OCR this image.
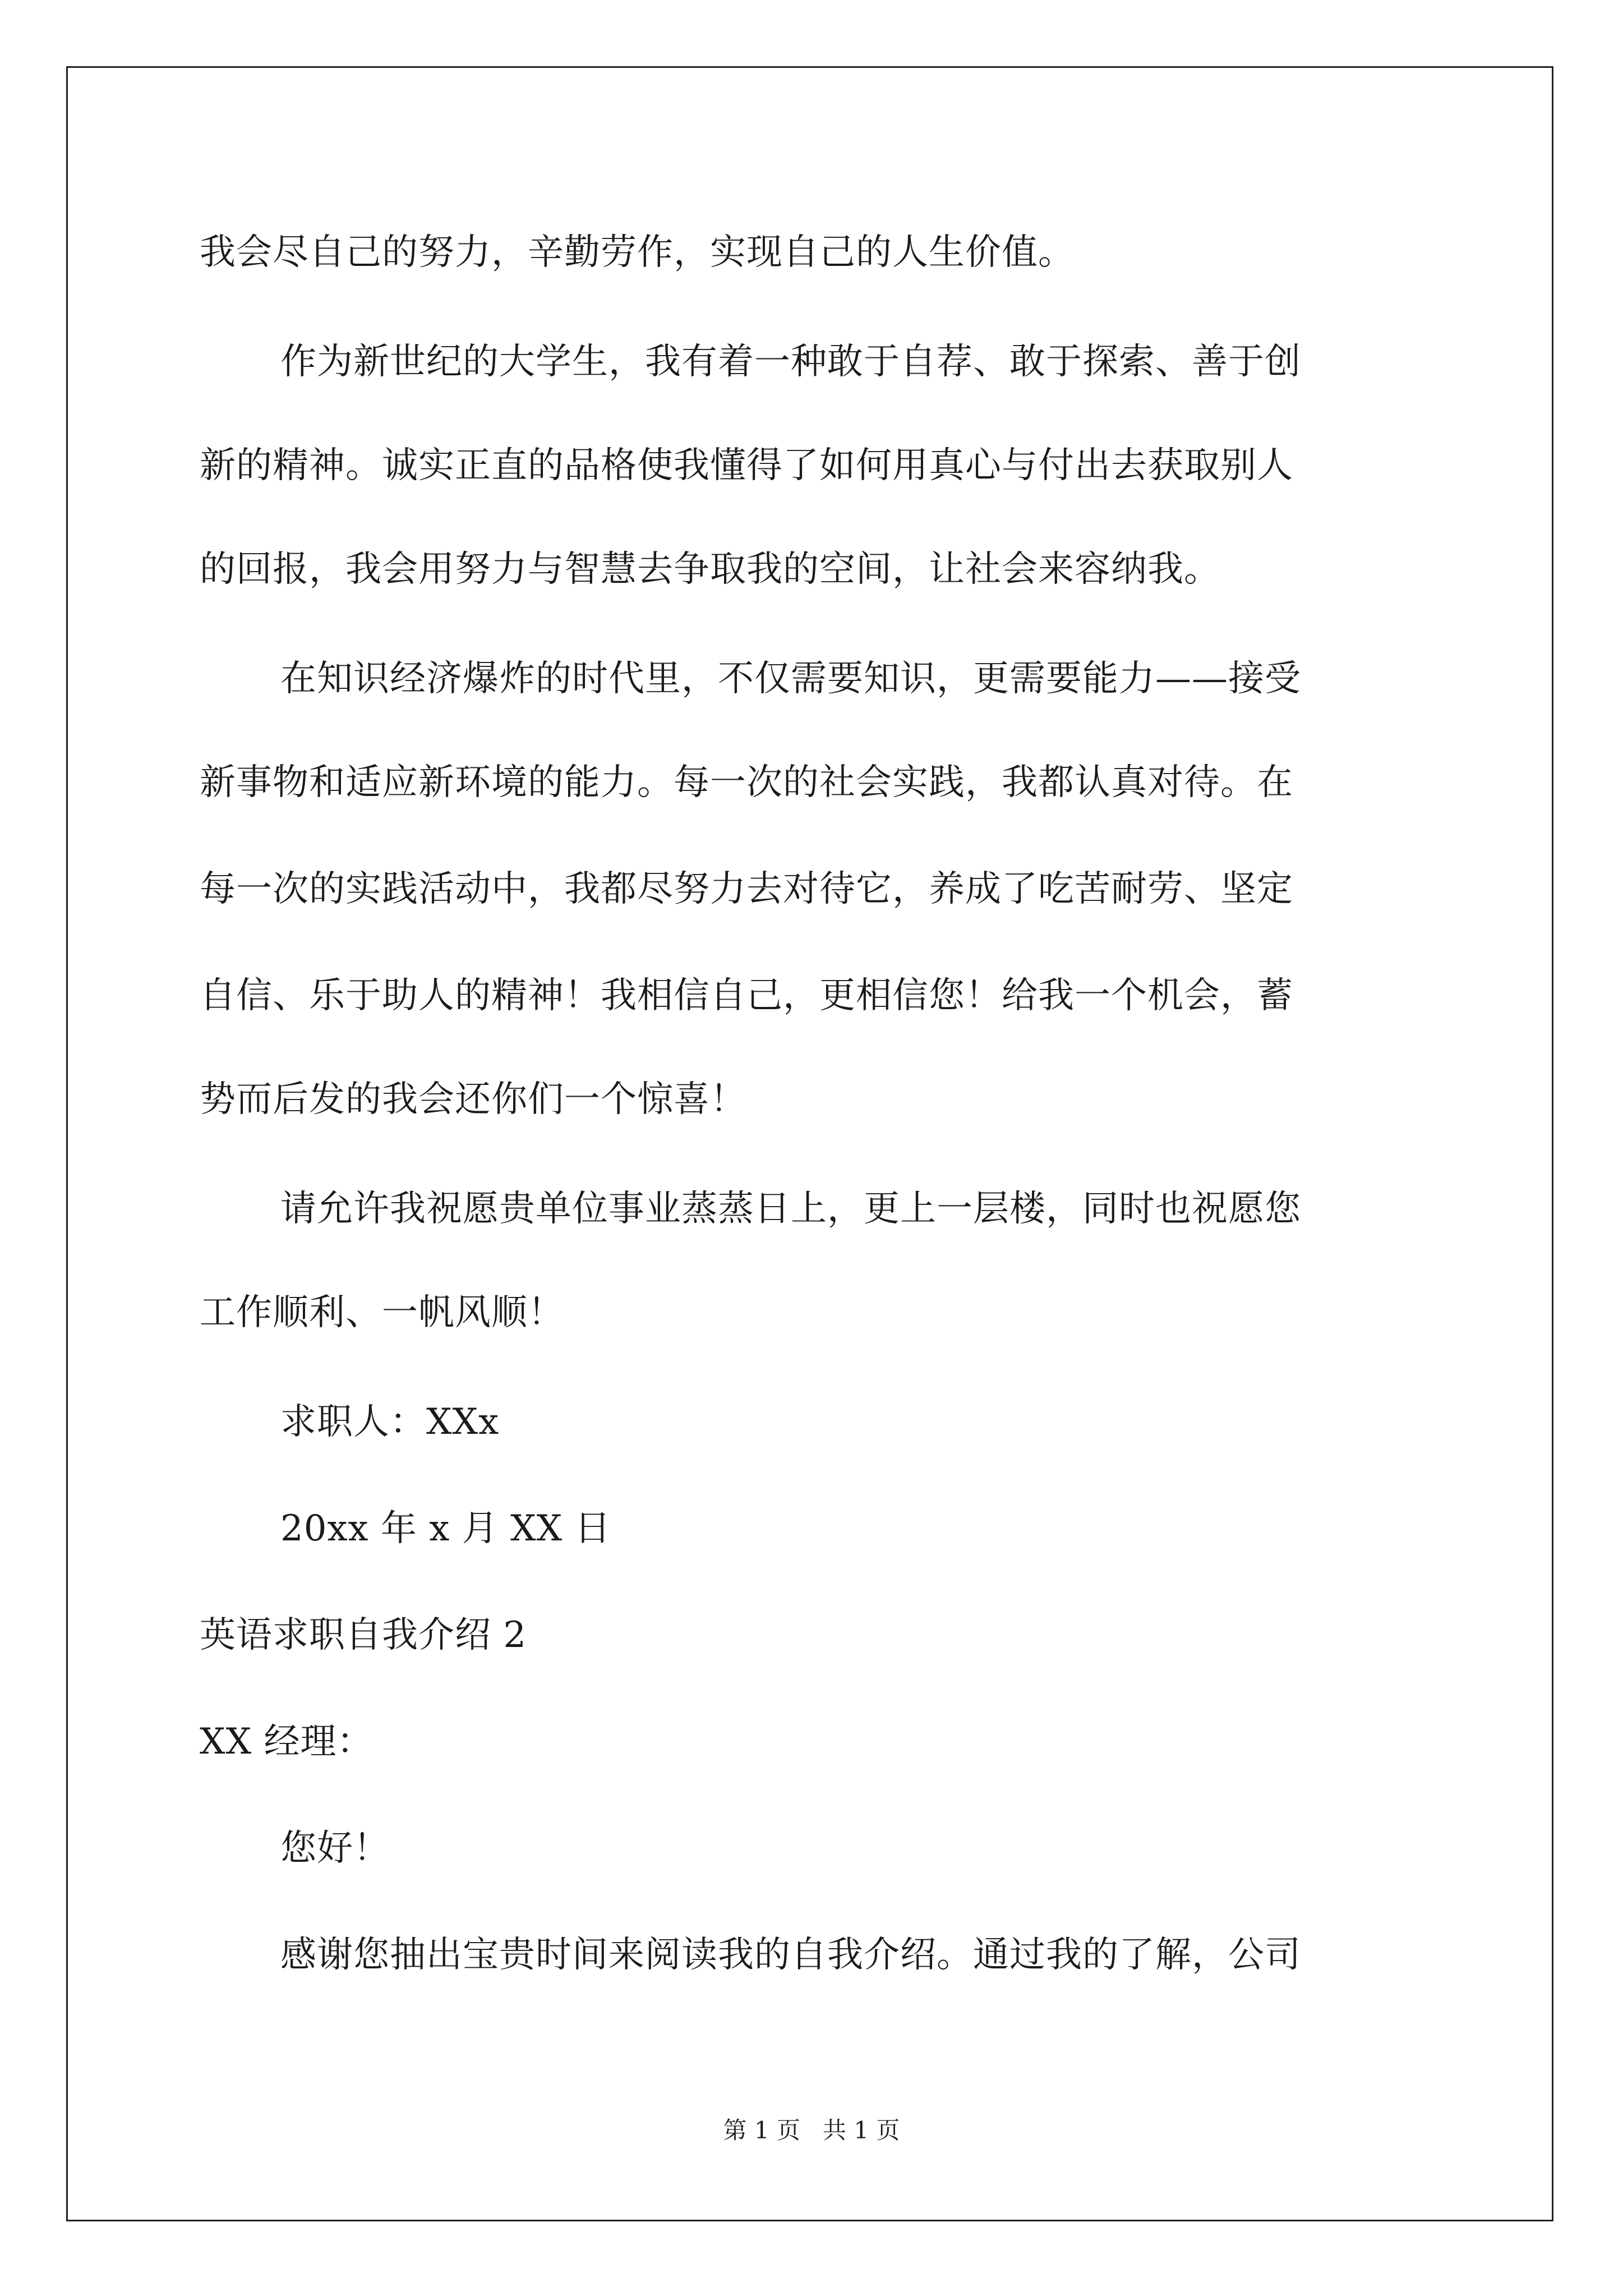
我会尽自己的努力，辛勤劳作，实现自己的人生价值。
作为新世纪的大学生，我有着一种敢于自荐、敢于探索、善于创
新的精神。诚实正直的品格使我懂得了如何用真心与付出去获取别人
的回报，我会用努力与智慧去争取我的空间，让社会来容纳我。
在知识经济爆炸的时代里，不仅需要知识，更需要能力——接受
新事物和适应新环境的能力。每一次的社会实践，我都认真对待。在
每一次的实践活动中，我都尽努力去对待它，养成了吃苦耐劳、坚定
自信、乐于助人的精神！我相信自己，更相信您！给我一个机会，蓄
势而后发的我会还你们一个惊喜！
请允许我祝愿贵单位事业蒸蒸日上，更上一层楼，同时也祝愿您
工作顺利、一帆风顺！
求职人：XXx
20xx 年 x 月 XX 日
英语求职自我介绍 2
XX 经理：
您好！
感谢您抽出宝贵时间来阅读我的自我介绍。通过我的了解，公司
第 1 页   共 1 页
